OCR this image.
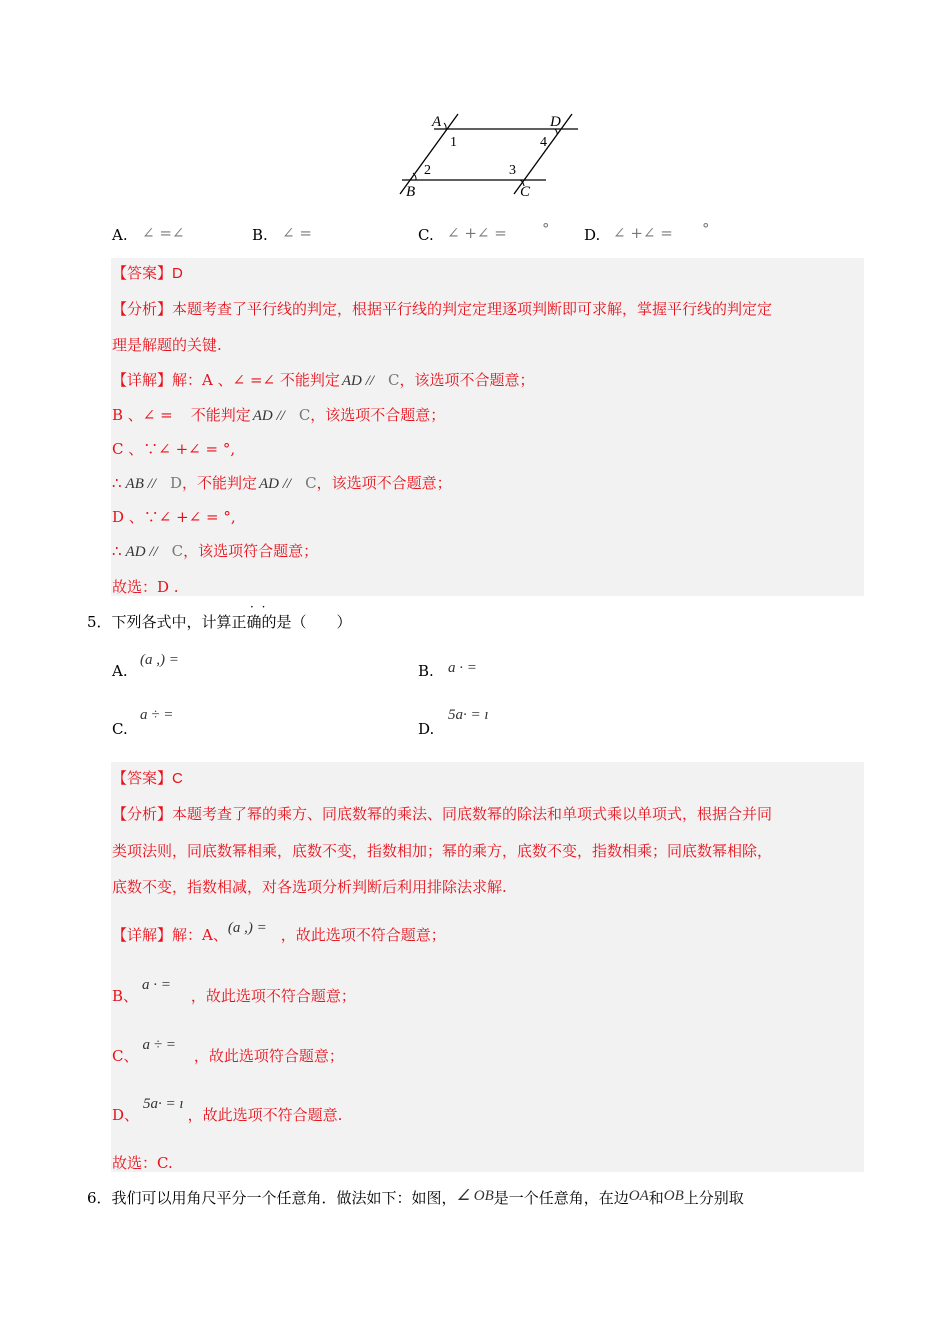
A	D
B	C
1
2	3
4
A. ∠ =∠	B. ∠ =	C. ∠ +∠ = ° D. ∠ +∠ = °
【答案】D
【分析】本题考查了平行线的判定，根据平行线的判定定理逐项判断即可求解，掌握平行线的判定定
理是解题的关键.
【详解】解：A 、∠ =∠ 不能判定 AD // C，该选项不合题意；
B 、∠ = 不能判定 AD // C，该选项不合题意；
C 、∵∠ +∠ = °,
∴ AB // D，不能判定 AD // C，该选项不合题意；
D 、∵∠ +∠ = °,
∴ AD // C，该选项符合题意；
故选：D .
· ·
5．下列各式中，计算正确的是（　　）
A.
(a ,) =
B. a · =
C.
a ÷ =
D.
5a· = ı
【答案】C
【分析】本题考查了幂的乘方、同底数幂的乘法、同底数幂的除法和单项式乘以单项式，根据合并同
类项法则，同底数幂相乘，底数不变，指数相加；幂的乘方，底数不变，指数相乘；同底数幂相除，
底数不变，指数相减，对各选项分析判断后利用排除法求解.
【详解】解：A、(a ,) = ，故此选项不符合题意；
B、a · =，故此选项不符合题意；
C、a ÷ =，故此选项符合题意；
D、5a· = ı，故此选项不符合题意.
故选：C.
6．我们可以用角尺平分一个任意角．做法如下：如图，∠ OB是一个任意角，在边OA和OB上分别取
